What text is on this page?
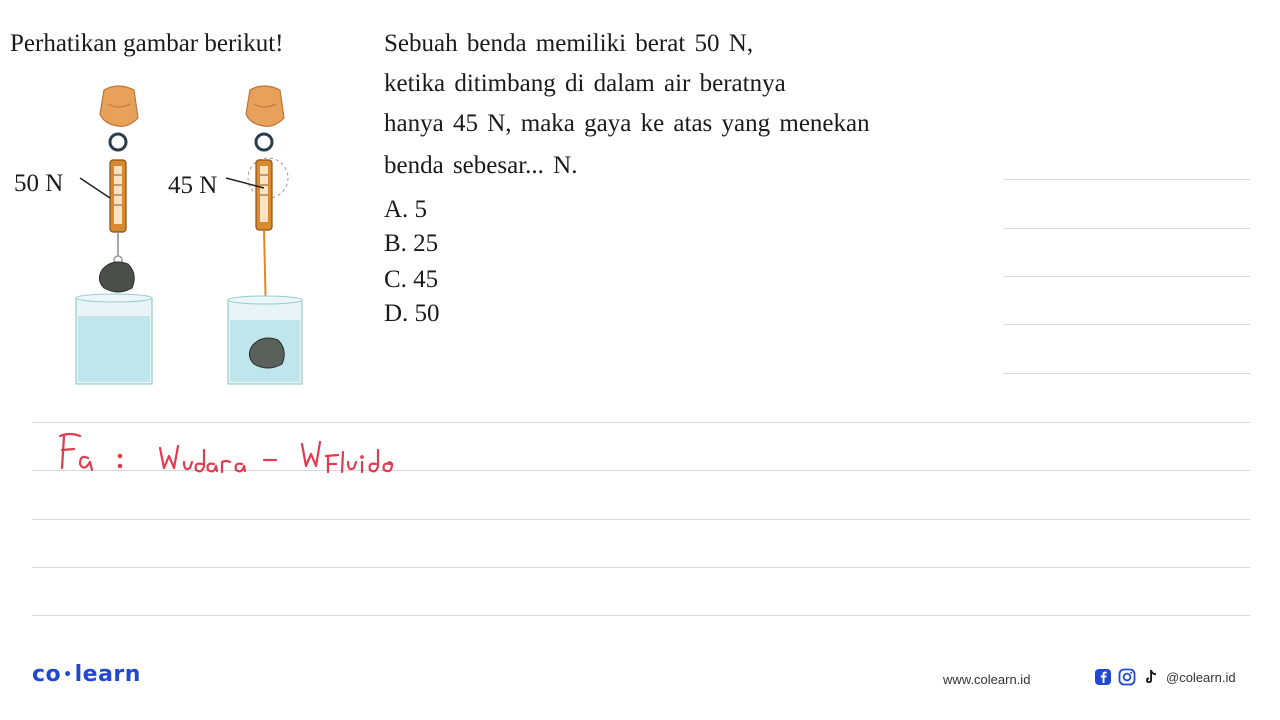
Perhatikan gambar berikut!	Sebuah benda memiliki berat 50 N,
ketika ditimbang di dalam air beratnya
hanya 45 N, maka gaya ke atas yang menekan
benda sebesar... N.
A. 5
B. 25
C. 45
D. 50
50 N	45 N
co •learn	www.colearn.id	@colearn.id
